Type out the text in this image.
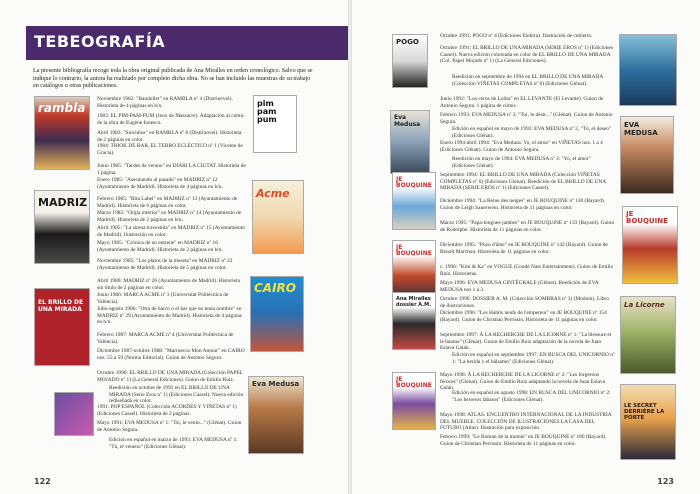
TEBEOGRAFÍA
La presente bibliografía recoge toda la obra original publicada de Ana Miralles en orden cronológico. Salvo que se indique lo contrario, la autora ha realizado por completo dicha obra. No se han incluido las muestras de su trabajo en catálogos u otras publicaciones.
rambla	pim pam pum
MADRIZ
Acme
EL BRILLO DE UNA MIRADA
CAIRO
Eva Medusa
122
Noviembre 1982: "Bandoller" en RAMBLA nº 4 (Distrinovel). Historieta de 4 páginas en b/n.
1983: EL PIM-PAM-PUM (Jeux de Massacre). Adaptación al cómic de la obra de Eugène Ionesco.
Abril 1983: "Suicidios" en RAMBLA nº 8 (Distrinovel). Historieta de 2 páginas en color.
1984: TRIOK DE RAR, EL TEBRO ECLÉCTICO nº 1 (Vicente de Gracia).
Junio 1985: "Tardes de verano" en DIARI LA CIUTAT. Historieta de 1 página.
Enero 1985: "Asesinando al pasado" en MADRIZ nº 12 (Ayuntamiento de Madrid). Historieta de 4 páginas en b/n.
Febrero 1985: "Rita Label" en MADRIZ nº 13 (Ayuntamiento de Madrid). Historieta de 6 páginas en color.
Marzo 1985: "Orgía interior" en MADRIZ nº 14 (Ayuntamiento de Madrid). Historieta de 2 páginas en b/n.
Abril 1985: "La sirena travestida" en MADRIZ nº 15 (Ayuntamiento de Madrid). Ilustración en color.
Mayo 1985: "Crónica de un entrene" en MADRIZ nº 16 (Ayuntamiento de Madrid). Historieta de 2 páginas en b/n.
Noviembre 1985: "Los platos de la meseta" en MADRIZ nº 22 (Ayuntamiento de Madrid). Historieta de 5 páginas en color.
Abril 1986: MADRIZ nº 26 (Ayuntamiento de Madrid). Historieta sin título de 2 páginas en color.
Junio 1986: MARCA ACME nº 3 (Universitat Politècnica de València).
Julio-agosto 1986: "Otra de barco o el bar que no tenía nombre" en MADRIZ nº 29 (Ayuntamiento de Madrid). Historieta de 4 páginas en b/n.
Febrero 1987: MARCA ACME nº 4 (Universitat Politècnica de València).
Diciembre 1987-octubre 1988: "Marruecos Mon Amour" en CAIRO nos. 55 a 59 (Norma Editorial). Guion de Antonio Segura.
Octubre 1990: EL BRILLO DE UNA MIRADA (Colección PAPEL MOJADO nº 1) (La General Ediciones). Guion de Emilio Ruiz.
Reedición en octubre de 1991 en EL BRILLO DE UNA MIRADA (Serie Eros nº 1) (Ediciones Cassel). Nueva edición rediseñada en color.
1991: POP ESPAÑOL (Colección ACORDES Y VIÑETAS nº 1) (Ediciones Cassel). Historieta de 2 páginas.
Mayo 1991: EVA MEDUSA nº 1: "Tsi, le venin..." (Glénat). Guion de Antonio Segura.
Edición en español en marzo de 1993: EVA MEDUSA nº 1: "Tú, el veneno" (Ediciones Glénat).
POGO
Eva Medusa	EVA MEDUSA
JE BOUQUINE
JE BOUQUINE
JE BOUQUINE
Ana Miralles dossier A.M.
JE BOUQUINE
La Licorne
LE SECRET DERRIÈRE LA PORTE
123
Octubre 1991: POGO nº 4 (Ediciones Elektra). Ilustración de cubierta.
Octubre 1991: EL BRILLO DE UNA MIRADA (SERIE EROS nº 1) (Ediciones Cassel). Nueva edición coloreada en color de EL BRILLO DE UNA MIRADA (Col. Papel Mojado nº 1) (La General Ediciones).
Reedición en septiembre de 1994 en EL BRILLO DE UNA MIRADA (Colección VIÑETAS COMPLETAS nº 6) (Ediciones Glénat).
Junio 1992: "Los ceros de Lolita" en EL LEVANTE (El Levante). Guion de Antonio Segura. 1 página de cómic.
Febrero 1993: EVA MEDUSA nº 2: "Toi, le désir..." (Glénat). Guion de Antonio Segura.
Edición en español en mayo de 1993: EVA MEDUSA nº 2, "Tú, el deseo" (Ediciones Glénat).
Enero 1994-abril 1994: "Eva Medusa: Yo, el amor" en VIÑETAS nos. 1 a 4 (Ediciones Glénat). Guion de Antonio Segura.
Reedición en mayo de 1994: EVA MEDUSA nº 3: "Yo, el amor" (Ediciones Glénat).
Septiembre 1994: EL BRILLO DE UNA MIRADA (Colección VIÑETAS COMPLETAS nº 6) (Ediciones Glénat). Reedición de EL BRILLO DE UNA MIRADA (SERIE EROS nº 1) (Ediciones Cassel).
Diciembre 1994: "La Reine des neiges" en JE BOUQUINE nº 130 (Bayard). Guion de Leigh Sauerwein. Historieta de 11 páginas en color.
Marzo 1995: "Papa-longues-jambes" en JE BOUQUINE nº 133 (Bayard). Guion de Rodolphe. Historieta de 11 páginas en color.
Diciembre 1995: "Pozo d'âme" en JE BOUQUINE nº 142 (Bayard). Guion de Benoît Marchon. Historieta de 11 páginas en color.
c. 1996: "Kim & Ka" en VOGUE (Condé Nast Entertainment). Guion de Emilio Ruiz. Historietas.
Mayo 1996: EVA MEDUSA CINTÉGRALE (Glénat). Reedición de EVA MEDUSA nos 1 a 3.
Octubre 1996: DOSSIER A. M. (Colección SOMBRAS nº 3) (Modom). Libro de ilustraciones.
Diciembre 1996: "Les Habits neufs de l'empereur" en JE BOUQUINE nº 154 (Bayard). Guion de Christian Perrissin. Historieta de 11 páginas en color.
Septiembre 1997: À LA RECHERCHE DE LA LICORNE nº 1: "La blessure et le baume" (Glénat). Guion de Emilio Ruiz adaptación de la novela de Juan Eslava Galán.
Edición en español en septiembre 1997: EN BUSCA DEL UNICORNIO nº 1: "La herida y el bálsamo" (Ediciones Glénat).
Mayo 1998: À LA RECHERCHE DE LA LICORNE nº 2: "Les forgerons féroces" (Glénat). Guion de Emilio Ruiz adaptando la novela de Juan Eslava Galán.
Edición en español en agosto 1998: EN BUSCA DEL UNICORNIO nº 2: "Los herreros lábaros" (Ediciones Glénat).
Mayo 1998: ATLAS. ENCUENTRO INTERNACIONAL DE LA INDUSTRIA DEL MUEBLE. COLECCIÓN DE ILUSTRACIONES LA CASA DEL FUTURO (Atlas). Ilustración para exposición.
Febrero 1999: "Le Roman de la momie" en JE BOUQUINE nº 180 (Bayard). Guion de Christian Perrissin. Historieta de 11 páginas en color.
